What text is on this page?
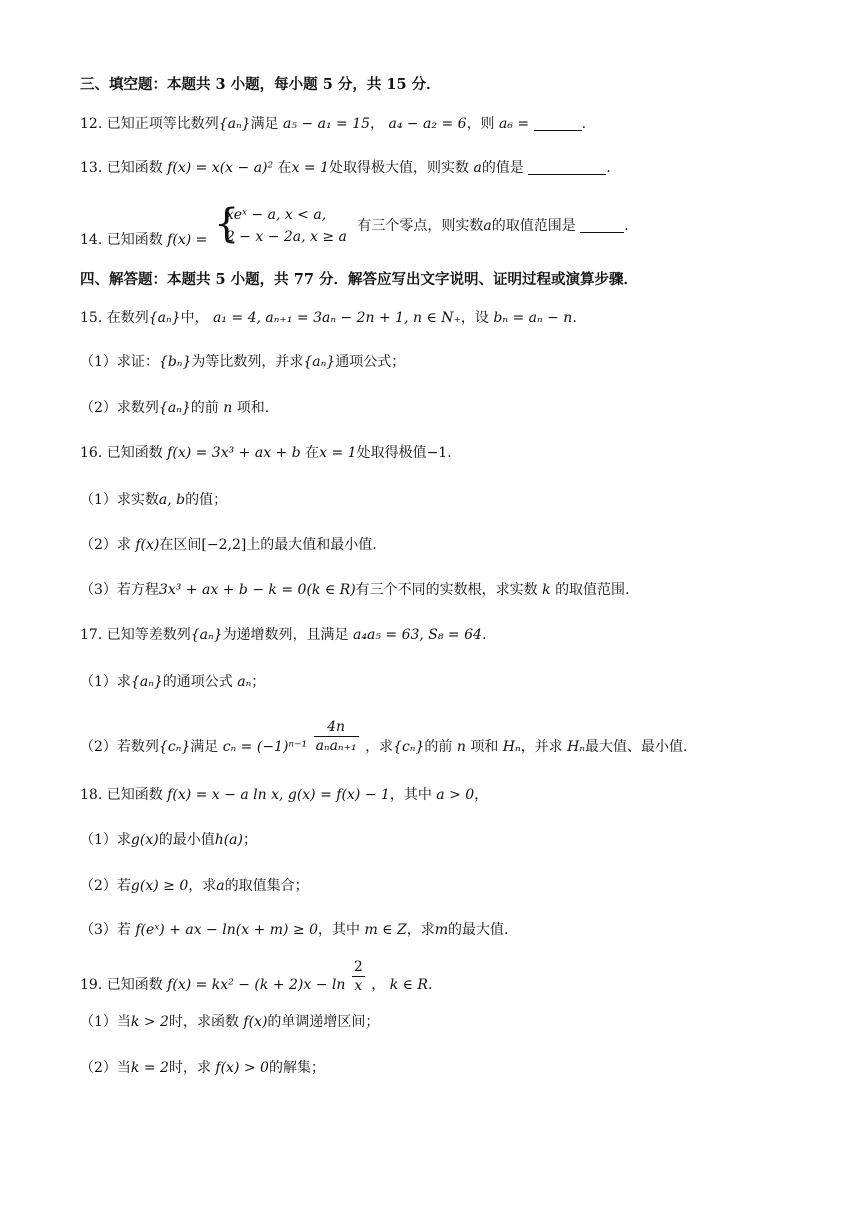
三、填空题：本题共 3 小题，每小题 5 分，共 15 分．
12. 已知正项等比数列{aₙ}满足 a₅ − a₁ = 15， a₄ − a₂ = 6，则 a₆ =	.
13. 已知函数 f(x) = x(x − a)² 在x = 1处取得极大值，则实数 a的值是	.
14. 已知函数 f(x) = {
xeˣ − a, x < a,
2 − x − 2a, x ≥ a
有三个零点，则实数a的取值范围是	.
四、解答题：本题共 5 小题，共 77 分．解答应写出文字说明、证明过程或演算步骤．
15. 在数列{aₙ}中， a₁ = 4, aₙ₊₁ = 3aₙ − 2n + 1, n ∈ N₊，设 bₙ = aₙ − n.
（1）求证：{bₙ}为等比数列，并求{aₙ}通项公式；
（2）求数列{aₙ}的前 n 项和.
16. 已知函数 f(x) = 3x³ + ax + b 在x = 1处取得极值−1.
（1）求实数a, b的值；
（2）求 f(x)在区间[−2,2]上的最大值和最小值.
（3）若方程3x³ + ax + b − k = 0(k ∈ R)有三个不同的实数根，求实数 k 的取值范围.
17. 已知等差数列{aₙ}为递增数列，且满足 a₄a₅ = 63, S₈ = 64.
（1）求{aₙ}的通项公式 aₙ；
（2）若数列{cₙ}满足 $c_n = (-1)^{n-1} \frac{4n}{\text{aₙaₙ₊₁}}$ ，求{cₙ}的前 n 项和 Hₙ，并求 Hₙ最大值、最小值.
18. 已知函数 f(x) = x − a ln x, g(x) = f(x) − 1，其中 a > 0，
（1）求g(x)的最小值h(a)；
（2）若g(x) ≥ 0，求a的取值集合；
（3）若 f(eˣ) + ax − ln(x + m) ≥ 0，其中 m ∈ Z，求m的最大值.
19. 已知函数 $f(x) = kx^2 - (k + 2)x - \ln \frac{2}{x}$ ， k ∈ R.
（1）当k > 2时，求函数 f(x)的单调递增区间；
（2）当k = 2时，求 f(x) > 0的解集；
